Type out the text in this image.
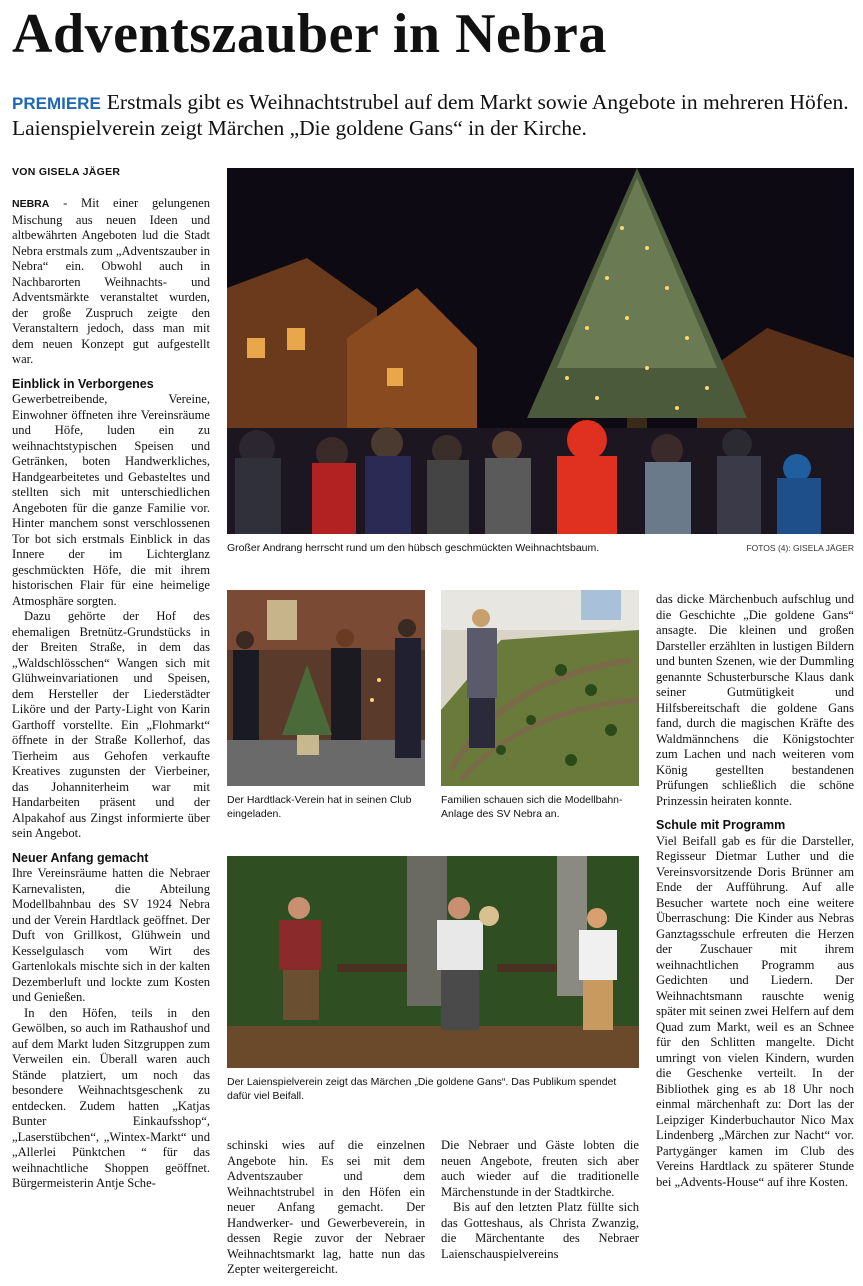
Adventszauber in Nebra
PREMIERE Erstmals gibt es Weihnachtstrubel auf dem Markt sowie Angebote in mehreren Höfen. Laienspielverein zeigt Märchen „Die goldene Gans“ in der Kirche.
VON GISELA JÄGER

NEBRA - Mit einer gelungenen Mischung aus neuen Ideen und altbewährten Angeboten lud die Stadt Nebra erstmals zum „Adventszauber in Nebra“ ein. Obwohl auch in Nachbarorten Weihnachts- und Adventsmärkte veranstaltet wurden, der große Zuspruch zeigte den Veranstaltern jedoch, dass man mit dem neuen Konzept gut aufgestellt war.

Einblick in Verborgenes

Gewerbetreibende, Vereine, Einwohner öffneten ihre Vereinsräume und Höfe, luden ein zu weihnachtstypischen Speisen und Getränken, boten Handwerkliches, Handgearbeitetes und Gebasteltes und stellten sich mit unterschiedlichen Angeboten für die ganze Familie vor. Hinter manchem sonst verschlossenen Tor bot sich erstmals Einblick in das Innere der im Lichterglanz geschmückten Höfe, die mit ihrem historischen Flair für eine heimelige Atmosphäre sorgten.

Dazu gehörte der Hof des ehemaligen Bretnütz-Grundstücks in der Breiten Straße, in dem das „Waldschlösschen“ Wangen sich mit Glühweinvariationen und Speisen, dem Hersteller der Liederstädter Liköre und der Party-Light von Karin Garthoff vorstellte. Ein „Flohmarkt“ öffnete in der Straße Kollerhof, das Tierheim aus Gehofen verkaufte Kreatives zugunsten der Vierbeiner, das Johanniterheim war mit Handarbeiten präsent und der Alpakahof aus Zingst informierte über sein Angebot.

Neuer Anfang gemacht

Ihre Vereinsräume hatten die Nebraer Karnevalisten, die Abteilung Modellbahnbau des SV 1924 Nebra und der Verein Hardtlack geöffnet. Der Duft von Grillkost, Glühwein und Kesselgulasch vom Wirt des Gartenlokals mischte sich in der kalten Dezemberluft und lockte zum Kosten und Genießen.

In den Höfen, teils in den Gewölben, so auch im Rathaushof und auf dem Markt luden Sitzgruppen zum Verweilen ein. Überall waren auch Stände platziert, um noch das besondere Weihnachtsgeschenk zu entdecken. Zudem hatten „Katjas Bunter Einkaufsshop“, „Laserstübchen“, „Wintex-Markt“ und „Allerlei Pünktchen “ für das weihnachtliche Shoppen geöffnet. Bürgermeisterin Antje Sche-

Großer Andrang herrscht rund um den hübsch geschmückten Weihnachtsbaum.	FOTOS (4): GISELA JÄGER
Der Hardtlack-Verein hat in seinen Club eingeladen.
Familien schauen sich die Modellbahn-Anlage des SV Nebra an.

das dicke Märchenbuch aufschlug und die Geschichte „Die goldene Gans“ ansagte. Die kleinen und großen Darsteller erzählten in lustigen Bildern und bunten Szenen, wie der Dummling genannte Schusterbursche Klaus dank seiner Gutmütigkeit und Hilfsbereitschaft die goldene Gans fand, durch die magischen Kräfte des Waldmännchens die Königstochter zum Lachen und nach weiteren vom König gestellten bestandenen Prüfungen schließlich die schöne Prinzessin heiraten konnte.

Schule mit Programm

Viel Beifall gab es für die Darsteller, Regisseur Dietmar Luther und die Vereinsvorsitzende Doris Brünner am Ende der Aufführung. Auf alle Besucher wartete noch eine weitere Überraschung: Die Kinder aus Nebras Ganztagsschule erfreuten die Herzen der Zuschauer mit ihrem weihnachtlichen Programm aus Gedichten und Liedern. Der Weihnachtsmann rauschte wenig später mit seinen zwei Helfern auf dem Quad zum Markt, weil es an Schnee für den Schlitten mangelte. Dicht umringt von vielen Kindern, wurden die Geschenke verteilt. In der Bibliothek ging es ab 18 Uhr noch einmal märchenhaft zu: Dort las der Leipziger Kinderbuchautor Nico Max Lindenberg „Märchen zur Nacht“ vor. Partygänger kamen im Club des Vereins Hardtlack zu späterer Stunde bei „Advents-House“ auf ihre Kosten.

Der Laienspielverein zeigt das Märchen „Die goldene Gans“. Das Publikum spendet dafür viel Beifall.

schinski wies auf die einzelnen Angebote hin. Es sei mit dem Adventszauber und dem Weihnachtstrubel in den Höfen ein neuer Anfang gemacht. Der Handwerker- und Gewerbeverein, in dessen Regie zuvor der Nebraer Weihnachtsmarkt lag, hatte nun das Zepter weitergereicht.

Die Nebraer und Gäste lobten die neuen Angebote, freuten sich aber auch wieder auf die traditionelle Märchenstunde in der Stadtkirche.

Bis auf den letzten Platz füllte sich das Gotteshaus, als Christa Zwanzig, die Märchentante des Nebraer Laienschauspielvereins
